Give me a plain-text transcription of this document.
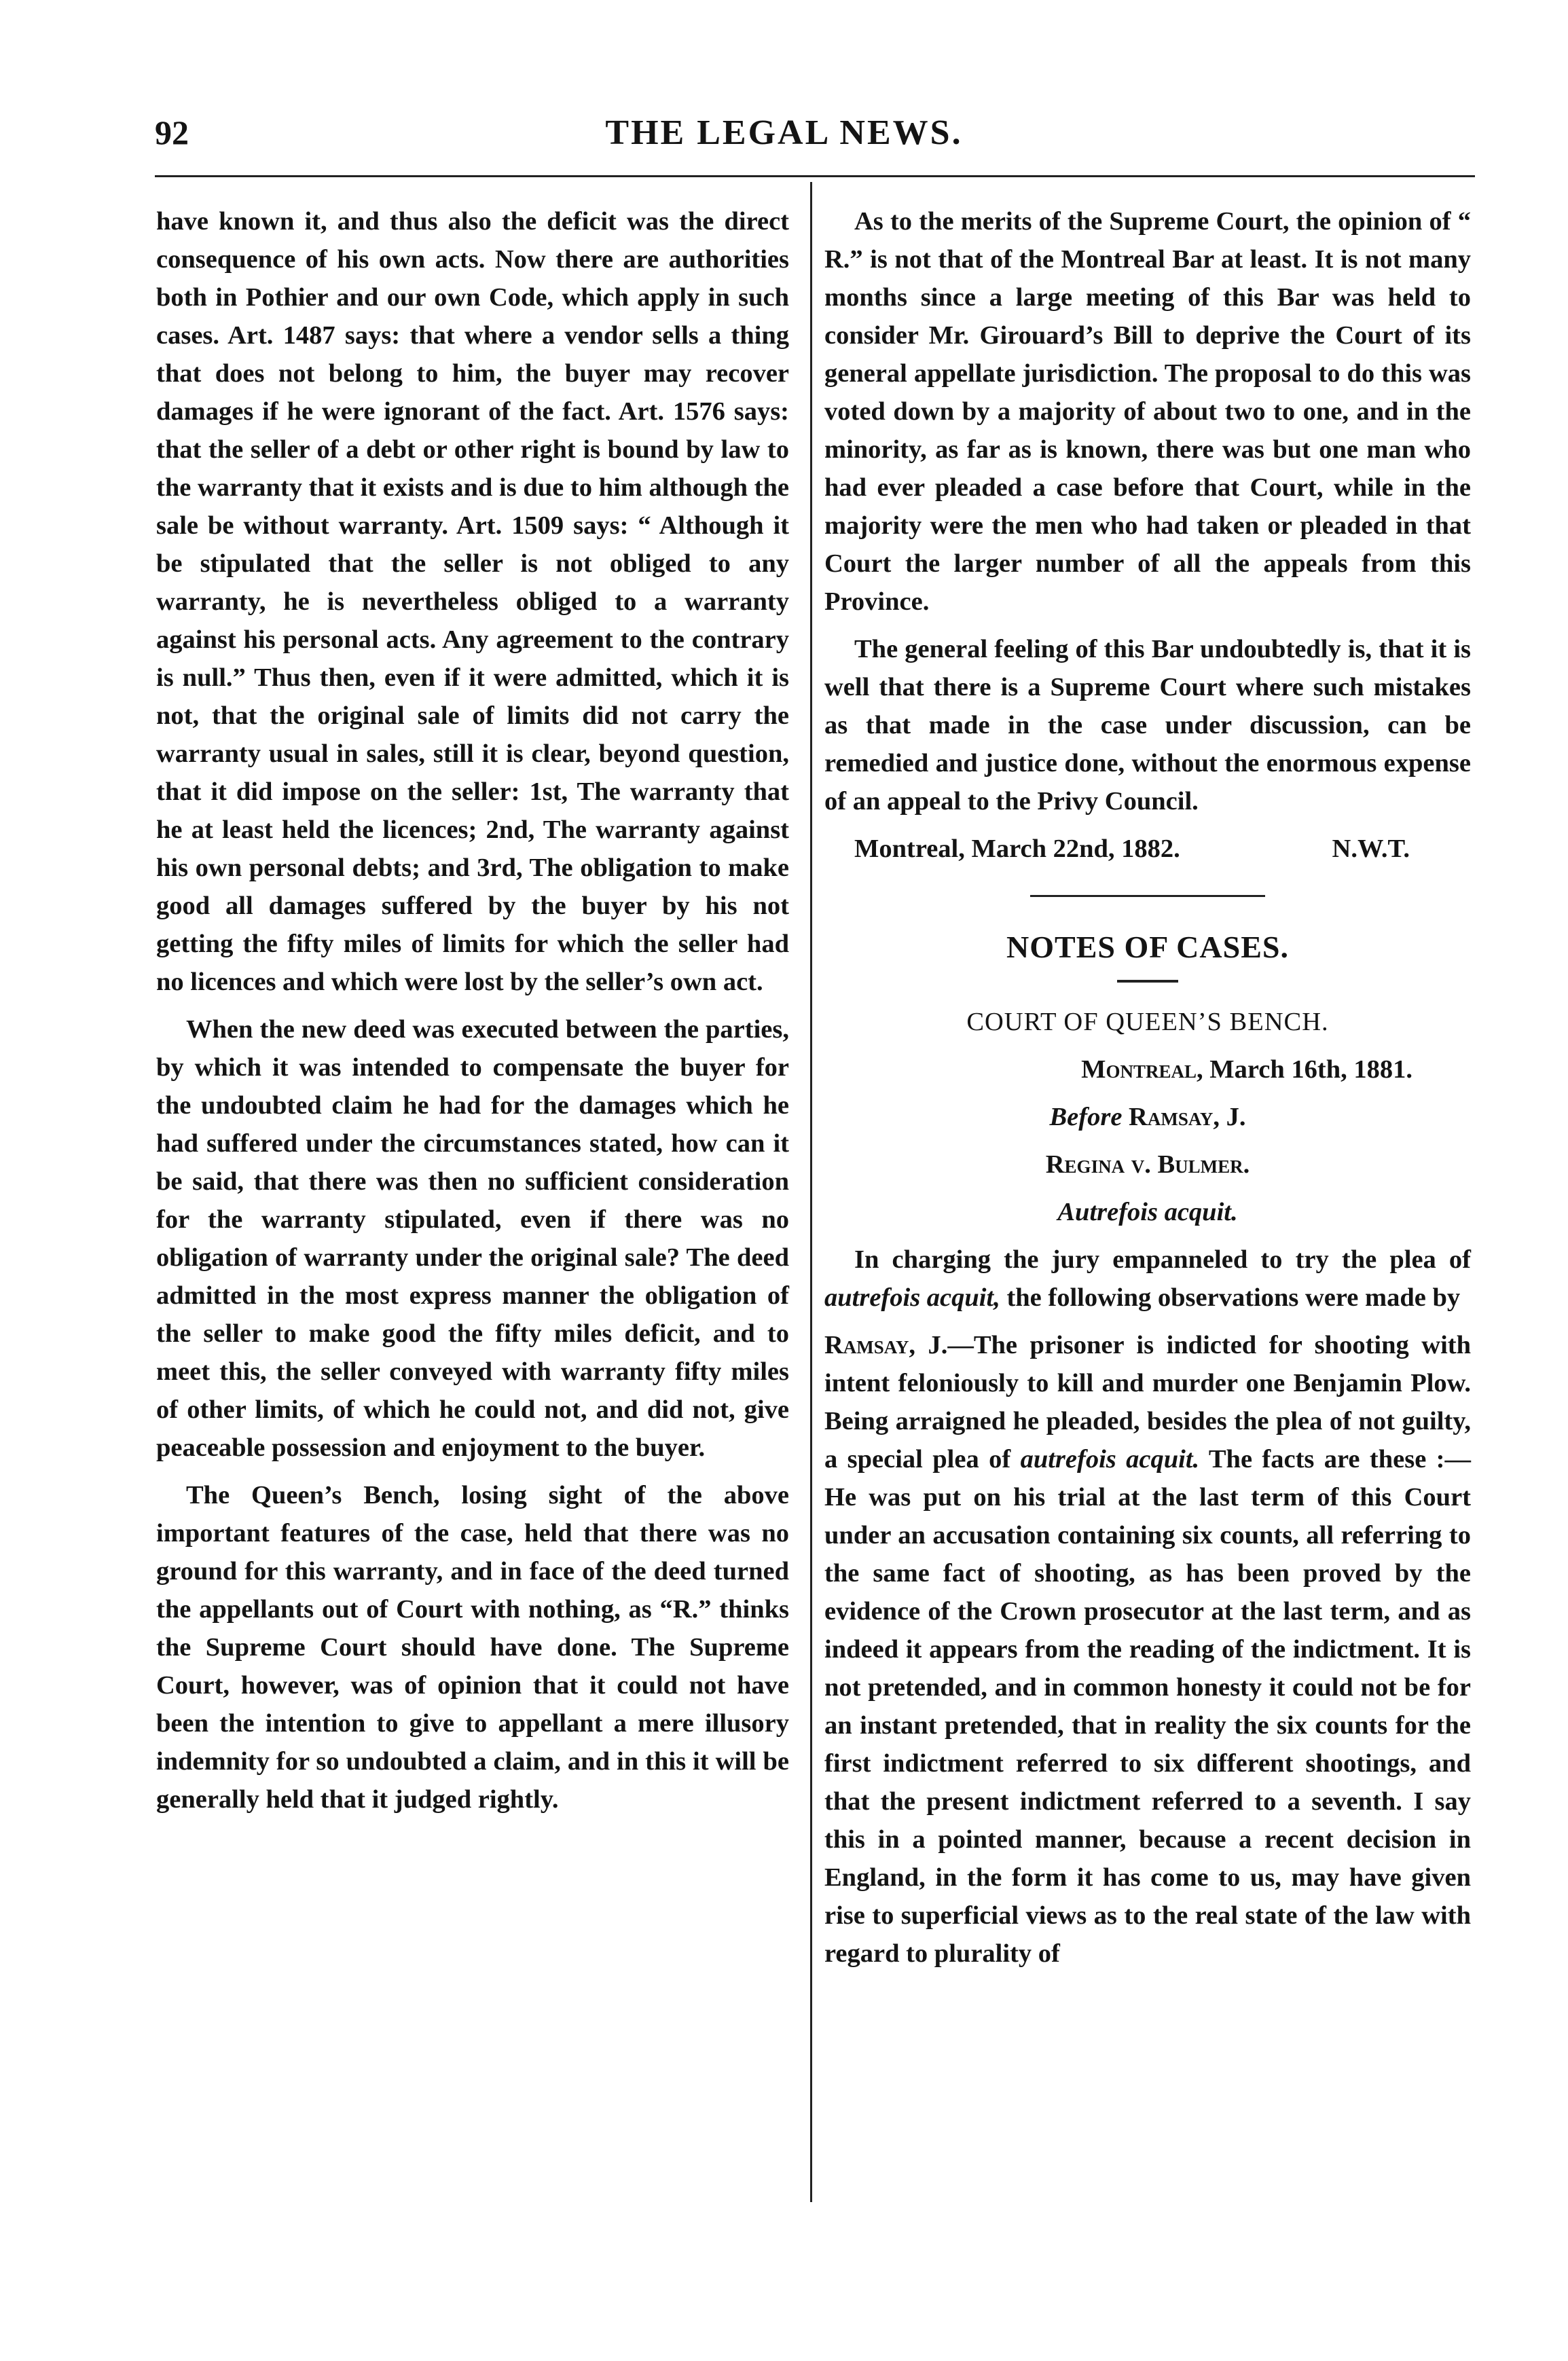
92	THE LEGAL NEWS.

have known it, and thus also the deficit was the direct consequence of his own acts. Now there are authorities both in Pothier and our own Code, which apply in such cases. Art. 1487 says: that where a vendor sells a thing that does not belong to him, the buyer may recover damages if he were ignorant of the fact. Art. 1576 says: that the seller of a debt or other right is bound by law to the warranty that it exists and is due to him although the sale be without warranty. Art. 1509 says: “ Although it be stipulated that the seller is not obliged to any warranty, he is nevertheless obliged to a warranty against his personal acts. Any agreement to the contrary is null.” Thus then, even if it were admitted, which it is not, that the original sale of limits did not carry the warranty usual in sales, still it is clear, beyond question, that it did impose on the seller: 1st, The warranty that he at least held the licences; 2nd, The warranty against his own personal debts; and 3rd, The obligation to make good all damages suffered by the buyer by his not getting the fifty miles of limits for which the seller had no licences and which were lost by the seller’s own act.

When the new deed was executed between the parties, by which it was intended to compensate the buyer for the undoubted claim he had for the damages which he had suffered under the circumstances stated, how can it be said, that there was then no sufficient consideration for the warranty stipulated, even if there was no obligation of warranty under the original sale? The deed admitted in the most express manner the obligation of the seller to make good the fifty miles deficit, and to meet this, the seller conveyed with warranty fifty miles of other limits, of which he could not, and did not, give peaceable possession and enjoyment to the buyer.

The Queen’s Bench, losing sight of the above important features of the case, held that there was no ground for this warranty, and in face of the deed turned the appellants out of Court with nothing, as “R.” thinks the Supreme Court should have done. The Supreme Court, however, was of opinion that it could not have been the intention to give to appellant a mere illusory indemnity for so undoubted a claim, and in this it will be generally held that it judged rightly.

As to the merits of the Supreme Court, the opinion of “ R.” is not that of the Montreal Bar at least. It is not many months since a large meeting of this Bar was held to consider Mr. Girouard’s Bill to deprive the Court of its general appellate jurisdiction. The proposal to do this was voted down by a majority of about two to one, and in the minority, as far as is known, there was but one man who had ever pleaded a case before that Court, while in the majority were the men who had taken or pleaded in that Court the larger number of all the appeals from this Province.

The general feeling of this Bar undoubtedly is, that it is well that there is a Supreme Court where such mistakes as that made in the case under discussion, can be remedied and justice done, without the enormous expense of an appeal to the Privy Council.

Montreal, March 22nd, 1882.	N.W.T.

NOTES OF CASES.

COURT OF QUEEN’S BENCH.

Montreal, March 16th, 1881.

Before Ramsay, J.

Regina v. Bulmer.

Autrefois acquit.

In charging the jury empanneled to try the plea of autrefois acquit, the following observations were made by

Ramsay, J.—The prisoner is indicted for shooting with intent feloniously to kill and murder one Benjamin Plow. Being arraigned he pleaded, besides the plea of not guilty, a special plea of autrefois acquit. The facts are these :— He was put on his trial at the last term of this Court under an accusation containing six counts, all referring to the same fact of shooting, as has been proved by the evidence of the Crown prosecutor at the last term, and as indeed it appears from the reading of the indictment. It is not pretended, and in common honesty it could not be for an instant pretended, that in reality the six counts for the first indictment referred to six different shootings, and that the present indictment referred to a seventh. I say this in a pointed manner, because a recent decision in England, in the form it has come to us, may have given rise to superficial views as to the real state of the law with regard to plurality of
